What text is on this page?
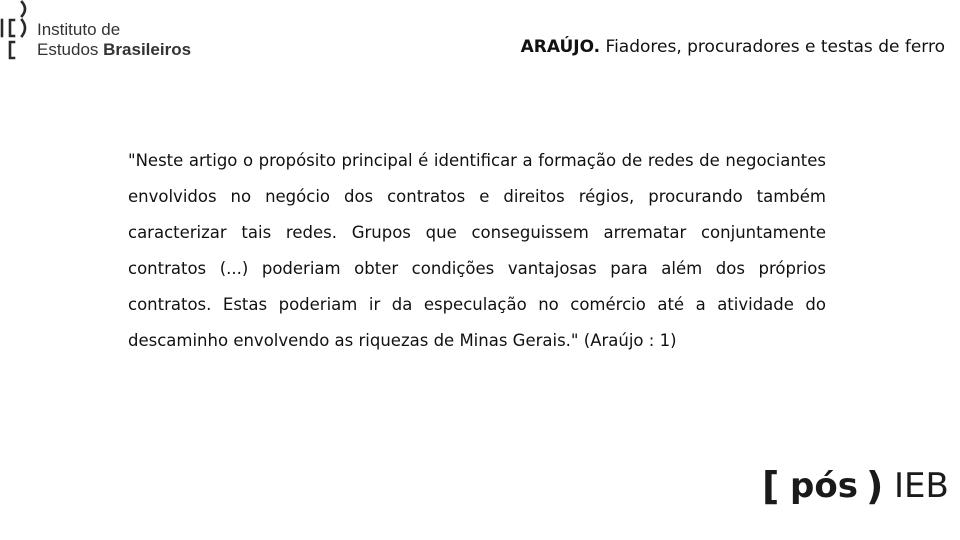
Instituto de
Estudos Brasileiros	ARAÚJO. Fiadores, procuradores e testas de ferro

"Neste artigo o propósito principal é identificar a formação de redes de negociantes envolvidos no negócio dos contratos e direitos régios, procurando também caracterizar tais redes. Grupos que conseguissem arrematar conjuntamente contratos (...) poderiam obter condições vantajosas para além dos próprios contratos. Estas poderiam ir da especulação no comércio até a atividade do descaminho envolvendo as riquezas de Minas Gerais." (Araújo : 1)

[ pós ) IEB
